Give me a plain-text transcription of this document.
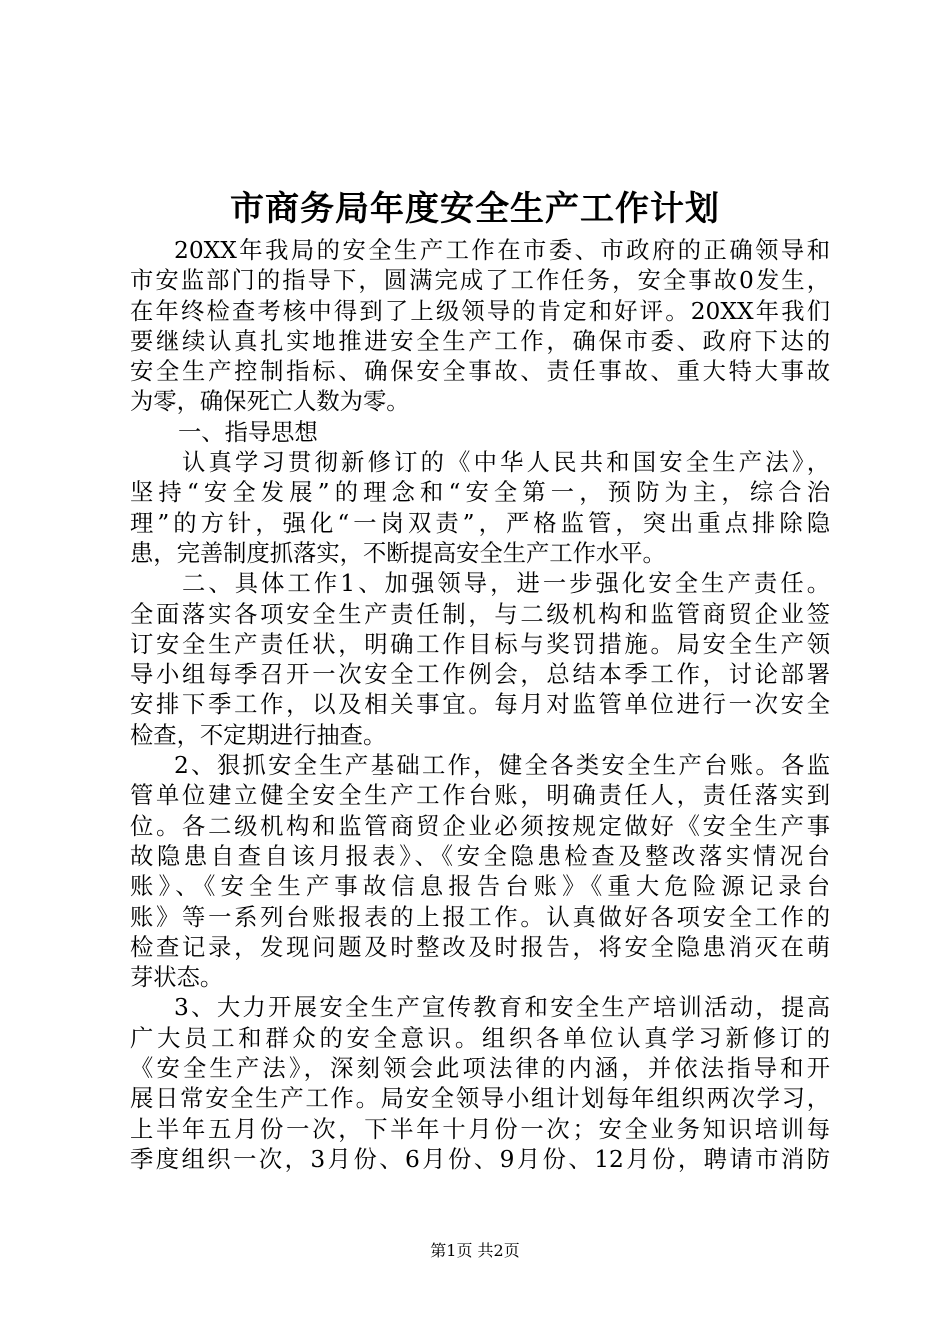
市商务局年度安全生产工作计划
20XX年我局的安全生产工作在市委、市政府的正确领导和
市安监部门的指导下，圆满完成了工作任务，安全事故0发生，
在年终检查考核中得到了上级领导的肯定和好评。20XX年我们
要继续认真扎实地推进安全生产工作，确保市委、政府下达的
安全生产控制指标、确保安全事故、责任事故、重大特大事故
为零，确保死亡人数为零。
一、指导思想
认真学习贯彻新修订的《中华人民共和国安全生产法》，
坚持“安全发展”的理念和“安全第一，预防为主，综合治
理”的方针，强化“一岗双责”，严格监管，突出重点排除隐
患，完善制度抓落实，不断提高安全生产工作水平。
二、具体工作1、加强领导，进一步强化安全生产责任。
全面落实各项安全生产责任制，与二级机构和监管商贸企业签
订安全生产责任状，明确工作目标与奖罚措施。局安全生产领
导小组每季召开一次安全工作例会，总结本季工作，讨论部署
安排下季工作，以及相关事宜。每月对监管单位进行一次安全
检查，不定期进行抽查。
2、狠抓安全生产基础工作，健全各类安全生产台账。各监
管单位建立健全安全生产工作台账，明确责任人，责任落实到
位。各二级机构和监管商贸企业必须按规定做好《安全生产事
故隐患自查自该月报表》、《安全隐患检查及整改落实情况台
账》、《安全生产事故信息报告台账》《重大危险源记录台
账》等一系列台账报表的上报工作。认真做好各项安全工作的
检查记录，发现问题及时整改及时报告，将安全隐患消灭在萌
芽状态。
3、大力开展安全生产宣传教育和安全生产培训活动，提高
广大员工和群众的安全意识。组织各单位认真学习新修订的
《安全生产法》，深刻领会此项法律的内涵，并依法指导和开
展日常安全生产工作。局安全领导小组计划每年组织两次学习，
上半年五月份一次，下半年十月份一次；安全业务知识培训每
季度组织一次，3月份、6月份、9月份、12月份，聘请市消防
第1页 共2页
